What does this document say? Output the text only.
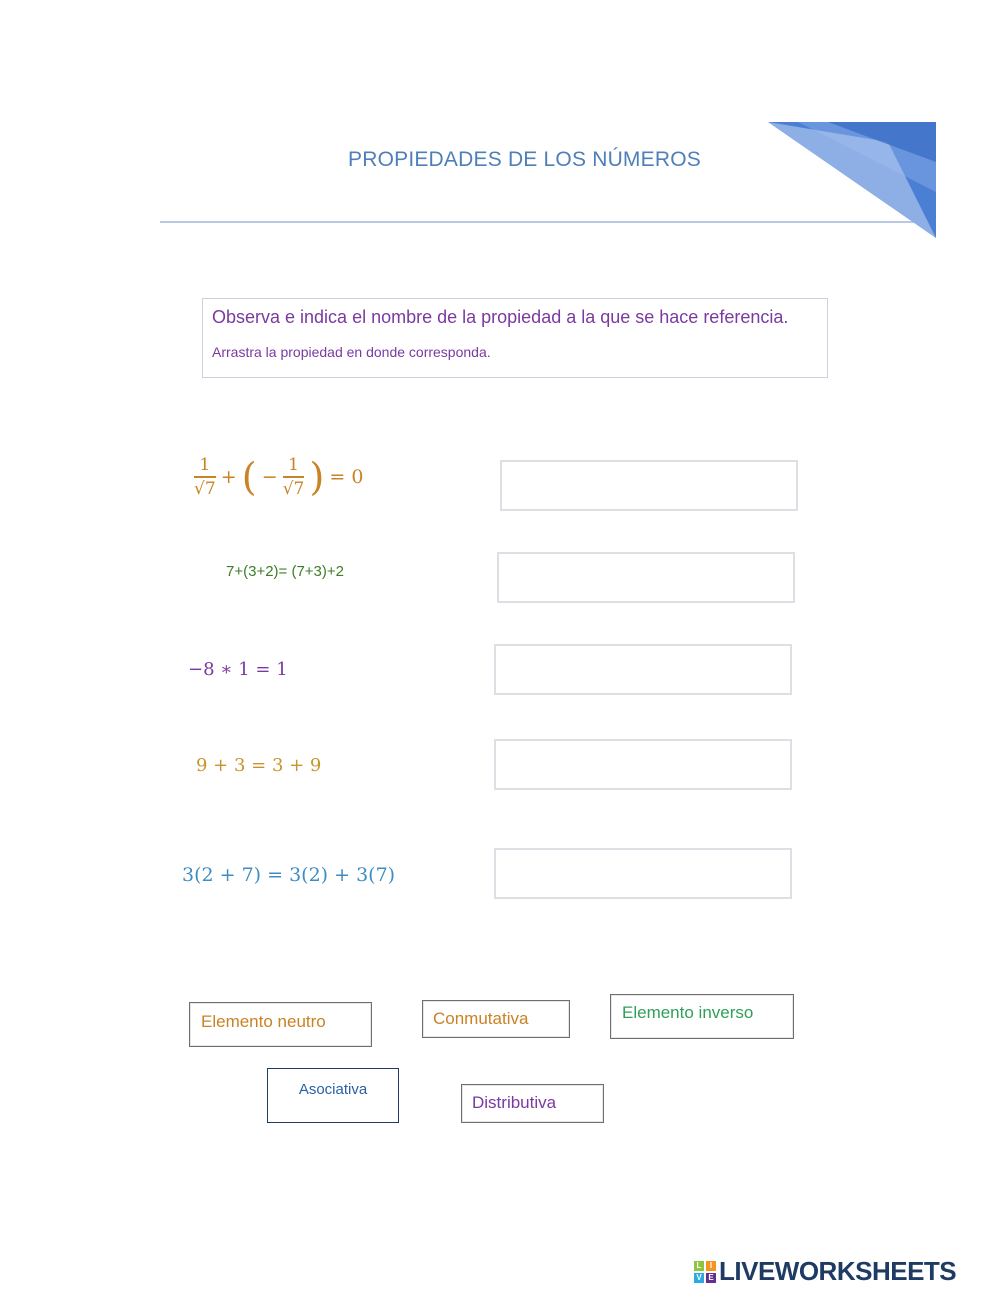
PROPIEDADES DE LOS NÚMEROS
Observa e indica el nombre de la propiedad a la que se hace referencia.
Arrastra la propiedad en donde corresponda.
$\frac{1}{√7}$ + ( − $\frac{1}{√7}$ ) = 0
7+(3+2)= (7+3)+2
−8 ∗ 1 = 1
9 + 3 = 3 + 9
3(2 + 7) = 3(2) + 3(7)
Elemento neutro	Conmutativa	Elemento inverso
Asociativa
Distributiva
L	I
V E LIVEWORKSHEETS
